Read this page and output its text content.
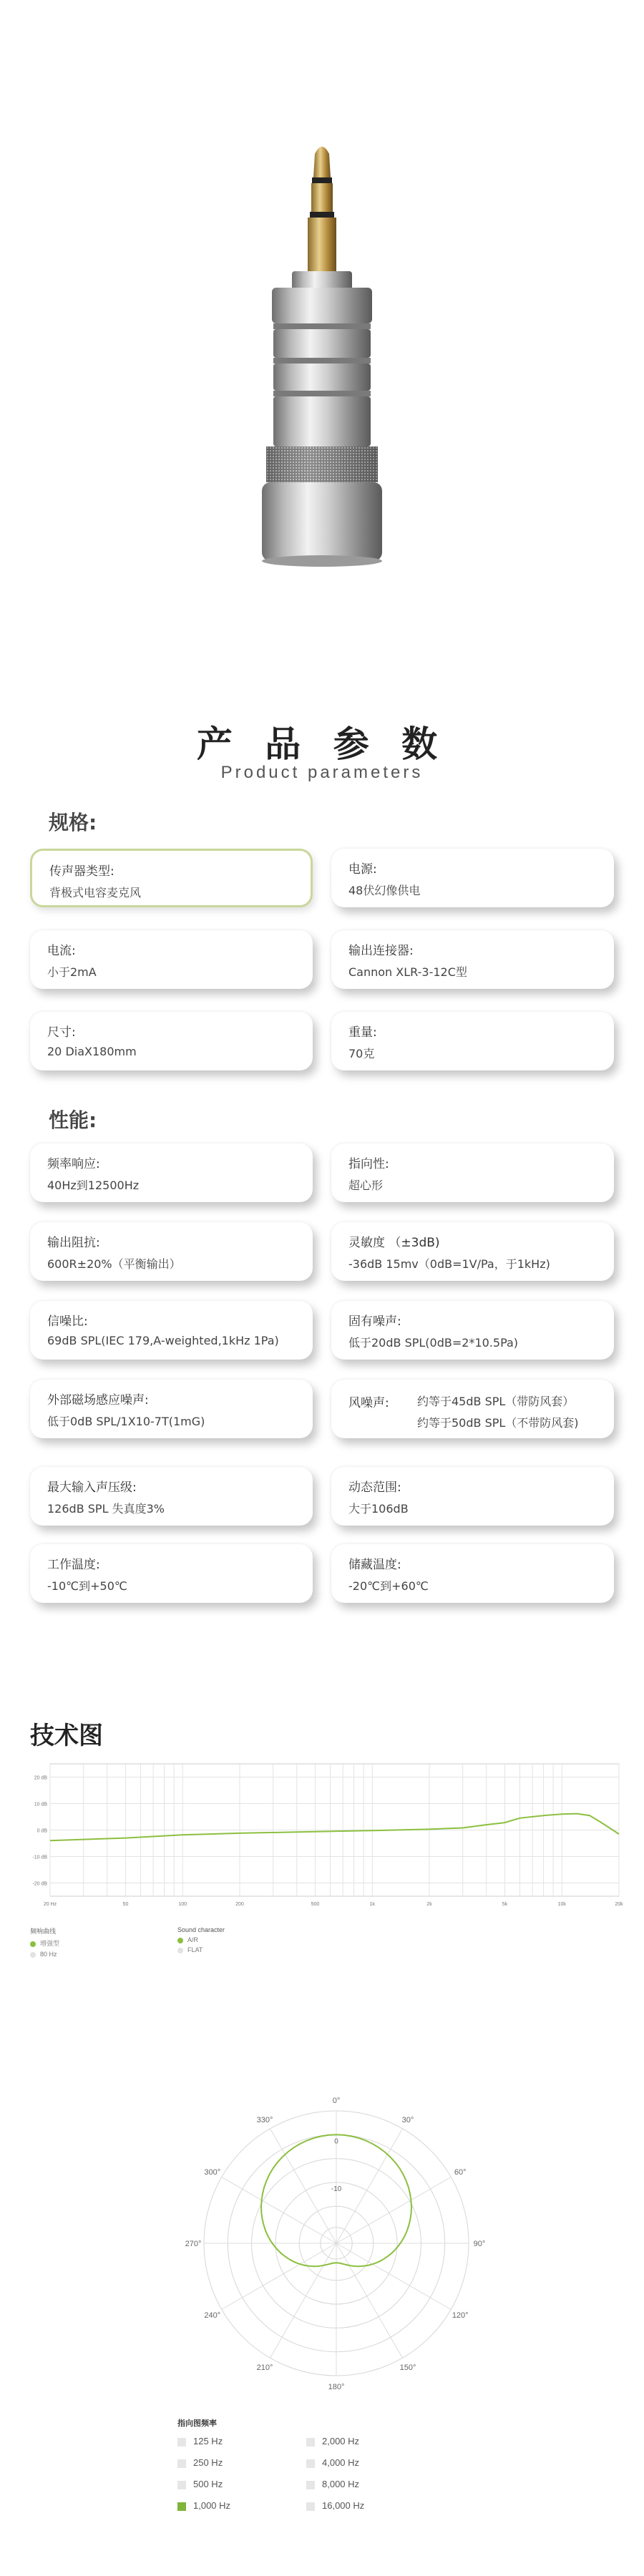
产 品 参 数
Product parameters
规格:
传声器类型:
背极式电容麦克风
电源:
48伏幻像供电
电流:
小于2mA
输出连接器:
Cannon XLR-3-12C型
尺寸:
20 DiaX180mm
重量:
70克
性能:
频率响应:
40Hz到12500Hz
指向性:
超心形
输出阻抗:
600R±20%（平衡输出）
灵敏度 （±3dB)
-36dB 15mv（0dB=1V/Pa，于1kHz)
信噪比:
69dB SPL(IEC 179,A-weighted,1kHz 1Pa)
固有噪声:
低于20dB SPL(0dB=2*10.5Pa)
外部磁场感应噪声:
低于0dB SPL/1X10-7T(1mG)
风噪声: 约等于45dB SPL（带防风套）
约等于50dB SPL（不带防风套)
最大输入声压级:
126dB SPL 失真度3%
动态范围:
大于106dB
工作温度:
-10℃到+50℃
储藏温度:
-20℃到+60℃
技术图
20 dB
10 dB
0 dB
-10 dB
-20 dB
20 Hz	50	100	200	500	1k	2k	5k	10k	20k
频响曲线
增强型
80 Hz
Sound character
A/R
FLAT
0°
30°
60°
90°
120°
150°
180°
210°
240°
270°
300°
330°
0
-10
指向图频率
125 Hz	2,000 Hz
250 Hz	4,000 Hz
500 Hz	8,000 Hz
1,000 Hz	16,000 Hz
